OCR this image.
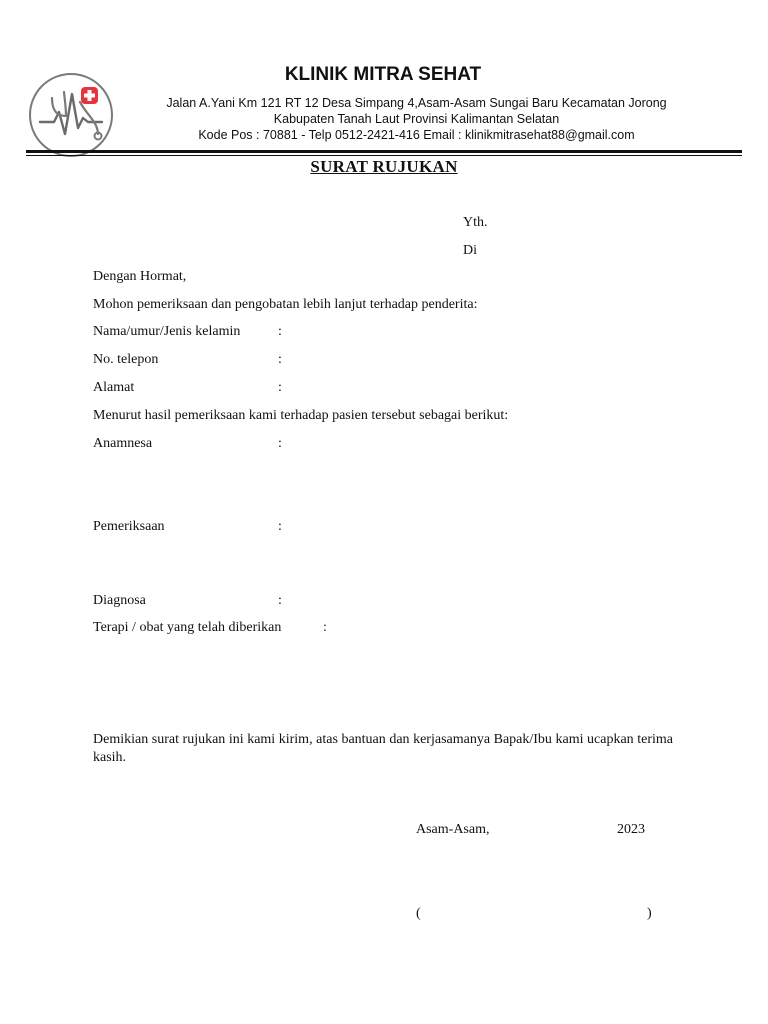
KLINIK MITRA SEHAT
Jalan A.Yani Km 121 RT 12 Desa Simpang 4,Asam-Asam Sungai Baru Kecamatan Jorong
Kabupaten Tanah Laut Provinsi Kalimantan Selatan
Kode Pos : 70881 - Telp 0512-2421-416 Email : klinikmitrasehat88@gmail.com
SURAT RUJUKAN
Yth.
Di
Dengan Hormat,
Mohon pemeriksaan dan pengobatan lebih lanjut terhadap penderita:
Nama/umur/Jenis kelamin	:
No. telepon	:
Alamat	:
Menurut hasil pemeriksaan kami terhadap pasien tersebut sebagai berikut:
Anamnesa	:
Pemeriksaan	:
Diagnosa	:
Terapi / obat yang telah diberikan	:
Demikian surat rujukan ini kami kirim, atas bantuan dan kerjasamanya Bapak/Ibu kami ucapkan terima kasih.
Asam-Asam,	2023
(	)
